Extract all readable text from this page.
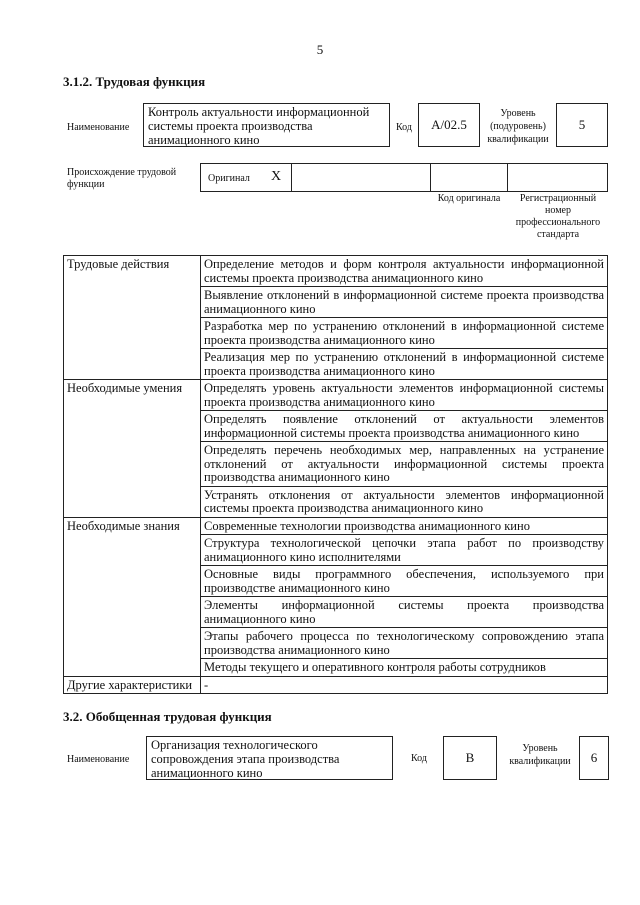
5
3.1.2. Трудовая функция
Наименование
Контроль актуальности информационной системы проекта производства анимационного кино
Код	A/02.5
Уровень (подуровень) квалификации
5
Происхождение трудовой функции
Оригинал X
Код оригинала	Регистрационный номер профессионального стандарта
Трудовые действия	Определение методов и форм контроля актуальности информационной системы проекта производства анимационного кино
	Выявление отклонений в информационной системе проекта производства анимационного кино
	Разработка мер по устранению отклонений в информационной системе проекта производства анимационного кино
	Реализация мер по устранению отклонений в информационной системе проекта производства анимационного кино
Необходимые умения	Определять уровень актуальности элементов информационной системы проекта производства анимационного кино
	Определять появление отклонений от актуальности элементов информационной системы проекта производства анимационного кино
	Определять перечень необходимых мер, направленных на устранение отклонений от актуальности информационной системы проекта производства анимационного кино
	Устранять отклонения от актуальности элементов информационной системы проекта производства анимационного кино
Необходимые знания	Современные технологии производства анимационного кино
	Структура технологической цепочки этапа работ по производству анимационного кино исполнителями
	Основные виды программного обеспечения, используемого при производстве анимационного кино
	Элементы информационной системы проекта производства анимационного кино
	Этапы рабочего процесса по технологическому сопровождению этапа производства анимационного кино
	Методы текущего и оперативного контроля работы сотрудников
Другие характеристики	-
3.2. Обобщенная трудовая функция
Наименование
Организация технологического сопровождения этапа производства анимационного кино
Код	B
Уровень квалификации	6
